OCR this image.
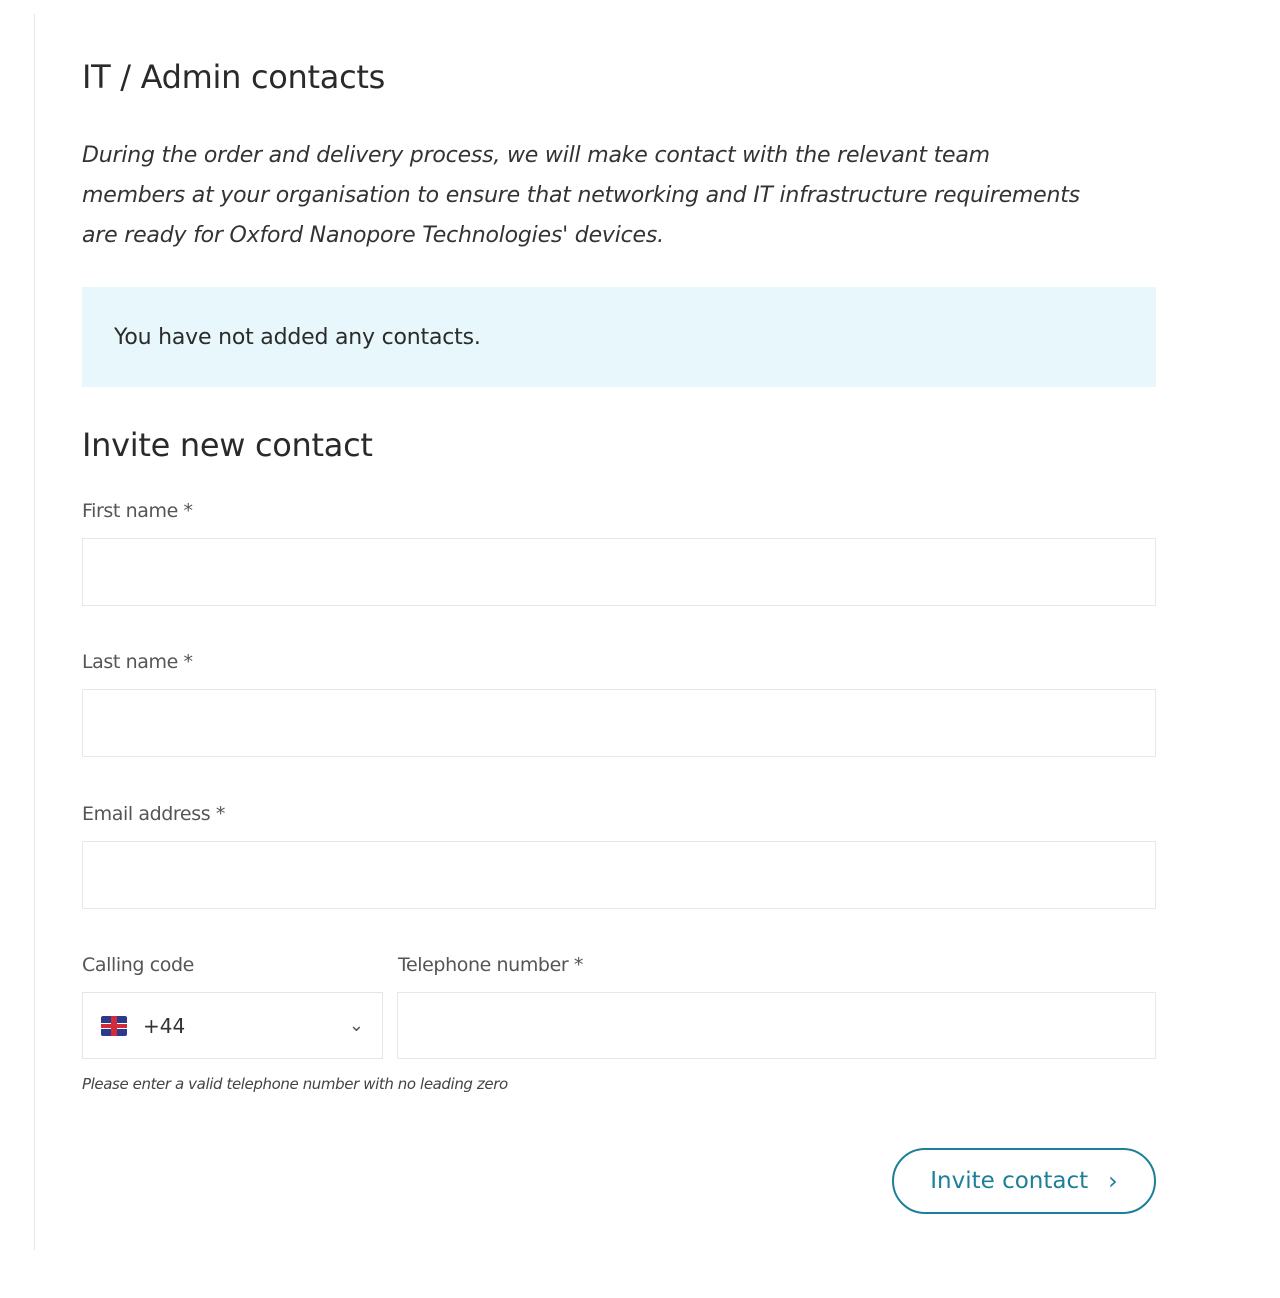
IT / Admin contacts

During the order and delivery process, we will make contact with the relevant team members at your organisation to ensure that networking and IT infrastructure requirements are ready for Oxford Nanopore Technologies' devices.

You have not added any contacts.
Invite new contact
First name *
Last name *
Email address *
Calling code	Telephone number *
+44	⌄
Please enter a valid telephone number with no leading zero
Invite contact ›
